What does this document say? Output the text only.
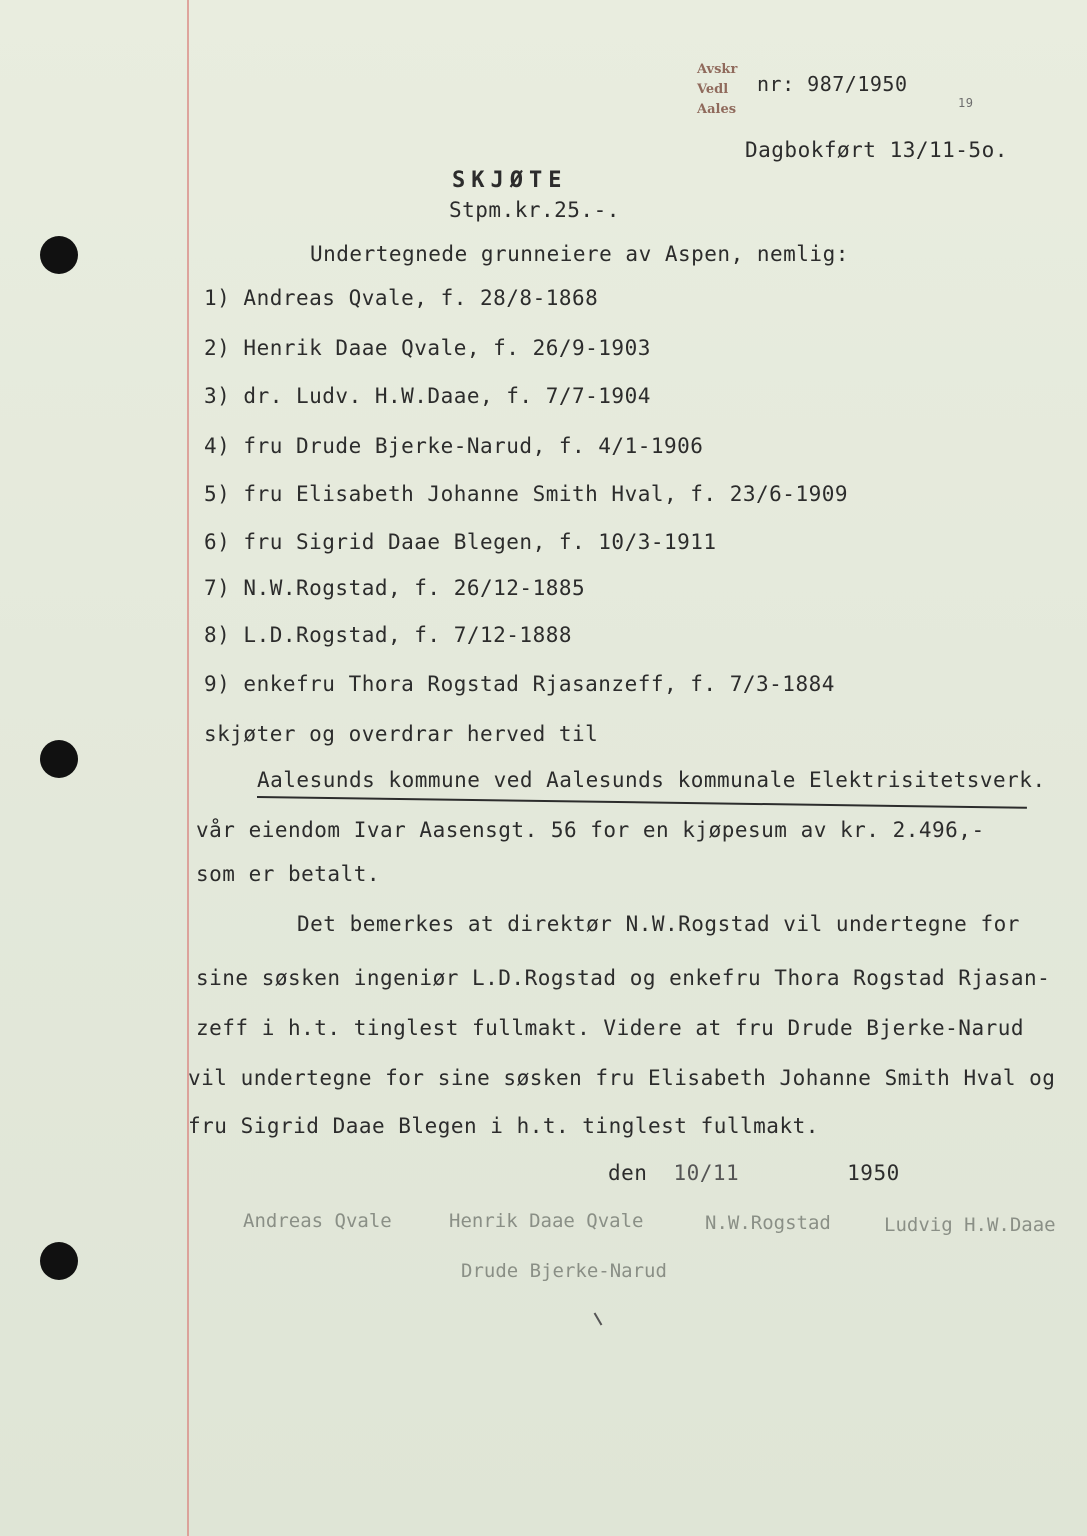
Avskr
Vedl
Aales
nr: 987/1950
19
Dagbokført 13/11-5o.
SKJØTE
Stpm.kr.25.-.
Undertegnede grunneiere av Aspen, nemlig:
1) Andreas Qvale, f. 28/8-1868
2) Henrik Daae Qvale, f. 26/9-1903
3) dr. Ludv. H.W.Daae, f. 7/7-1904
4) fru Drude Bjerke-Narud, f. 4/1-1906
5) fru Elisabeth Johanne Smith Hval, f. 23/6-1909
6) fru Sigrid Daae Blegen, f. 10/3-1911
7) N.W.Rogstad, f. 26/12-1885
8) L.D.Rogstad, f. 7/12-1888
9) enkefru Thora Rogstad Rjasanzeff, f. 7/3-1884
skjøter og overdrar herved til
Aalesunds kommune ved Aalesunds kommunale Elektrisitetsverk.
vår eiendom Ivar Aasensgt. 56 for en kjøpesum av kr. 2.496,-
som er betalt.
Det bemerkes at direktør N.W.Rogstad vil undertegne for
sine søsken ingeniør L.D.Rogstad og enkefru Thora Rogstad Rjasan-
zeff i h.t. tinglest fullmakt. Videre at fru Drude Bjerke-Narud
vil undertegne for sine søsken fru Elisabeth Johanne Smith Hval og
fru Sigrid Daae Blegen i h.t. tinglest fullmakt.
den 10/11	1950
Andreas Qvale	Henrik Daae Qvale	N.W.Rogstad	Ludvig H.W.Daae
Drude Bjerke-Narud
